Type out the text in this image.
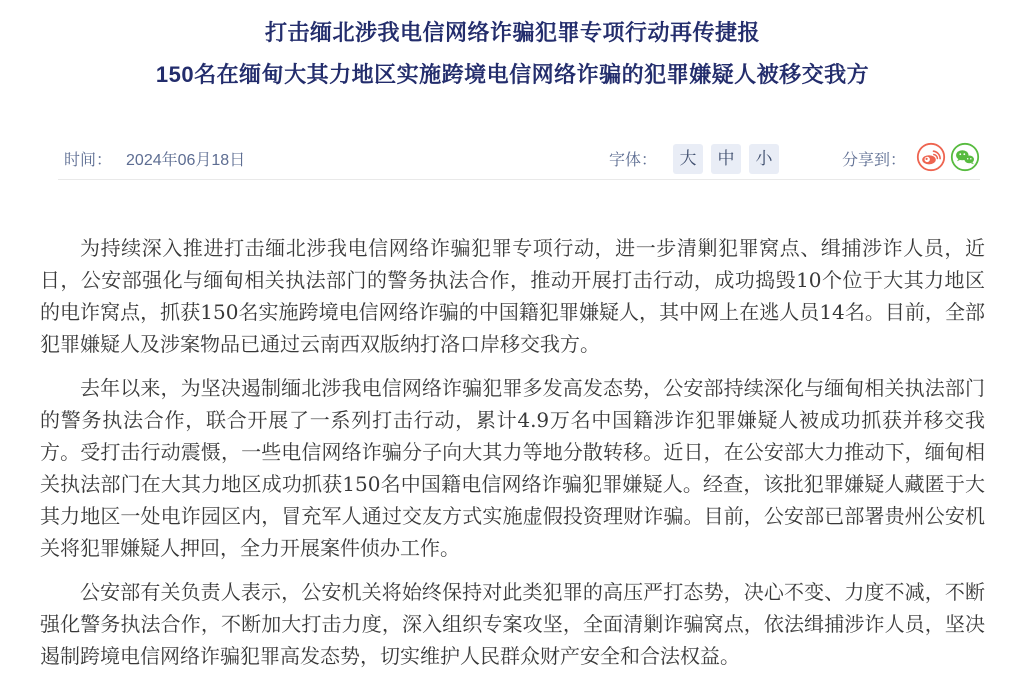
打击缅北涉我电信网络诈骗犯罪专项行动再传捷报
150名在缅甸大其力地区实施跨境电信网络诈骗的犯罪嫌疑人被移交我方
时间： 2024年06月18日	字体：	大	中	小	分享到：

为持续深入推进打击缅北涉我电信网络诈骗犯罪专项行动，进一步清剿犯罪窝点、缉捕涉诈人员，近日，公安部强化与缅甸相关执法部门的警务执法合作，推动开展打击行动，成功捣毁10个位于大其力地区的电诈窝点，抓获150名实施跨境电信网络诈骗的中国籍犯罪嫌疑人，其中网上在逃人员14名。目前，全部犯罪嫌疑人及涉案物品已通过云南西双版纳打洛口岸移交我方。

去年以来，为坚决遏制缅北涉我电信网络诈骗犯罪多发高发态势，公安部持续深化与缅甸相关执法部门的警务执法合作，联合开展了一系列打击行动，累计4.9万名中国籍涉诈犯罪嫌疑人被成功抓获并移交我方。受打击行动震慑，一些电信网络诈骗分子向大其力等地分散转移。近日，在公安部大力推动下，缅甸相关执法部门在大其力地区成功抓获150名中国籍电信网络诈骗犯罪嫌疑人。经查，该批犯罪嫌疑人藏匿于大其力地区一处电诈园区内，冒充军人通过交友方式实施虚假投资理财诈骗。目前，公安部已部署贵州公安机关将犯罪嫌疑人押回，全力开展案件侦办工作。

公安部有关负责人表示，公安机关将始终保持对此类犯罪的高压严打态势，决心不变、力度不减，不断强化警务执法合作，不断加大打击力度，深入组织专案攻坚，全面清剿诈骗窝点，依法缉捕涉诈人员，坚决遏制跨境电信网络诈骗犯罪高发态势，切实维护人民群众财产安全和合法权益。
